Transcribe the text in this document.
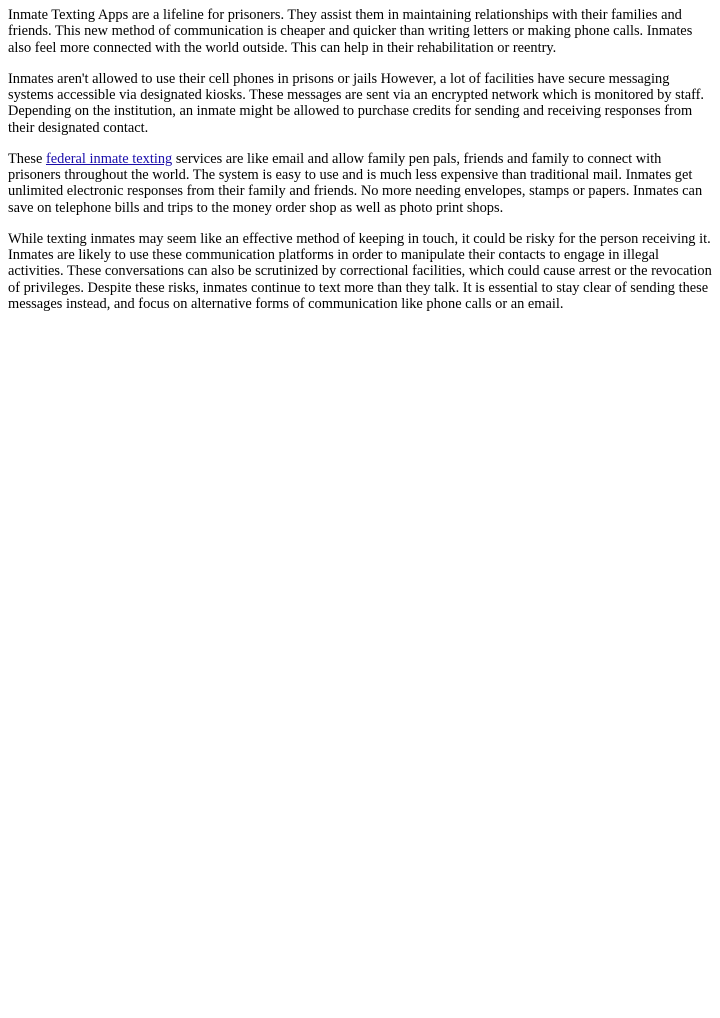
Inmate Texting Apps are a lifeline for prisoners. They assist them in maintaining relationships with their families and friends. This new method of communication is cheaper and quicker than writing letters or making phone calls. Inmates also feel more connected with the world outside. This can help in their rehabilitation or reentry.

Inmates aren't allowed to use their cell phones in prisons or jails However, a lot of facilities have secure messaging systems accessible via designated kiosks. These messages are sent via an encrypted network which is monitored by staff. Depending on the institution, an inmate might be allowed to purchase credits for sending and receiving responses from their designated contact.

These federal inmate texting services are like email and allow family pen pals, friends and family to connect with prisoners throughout the world. The system is easy to use and is much less expensive than traditional mail. Inmates get unlimited electronic responses from their family and friends. No more needing envelopes, stamps or papers. Inmates can save on telephone bills and trips to the money order shop as well as photo print shops.

While texting inmates may seem like an effective method of keeping in touch, it could be risky for the person receiving it. Inmates are likely to use these communication platforms in order to manipulate their contacts to engage in illegal activities. These conversations can also be scrutinized by correctional facilities, which could cause arrest or the revocation of privileges. Despite these risks, inmates continue to text more than they talk. It is essential to stay clear of sending these messages instead, and focus on alternative forms of communication like phone calls or an email.
